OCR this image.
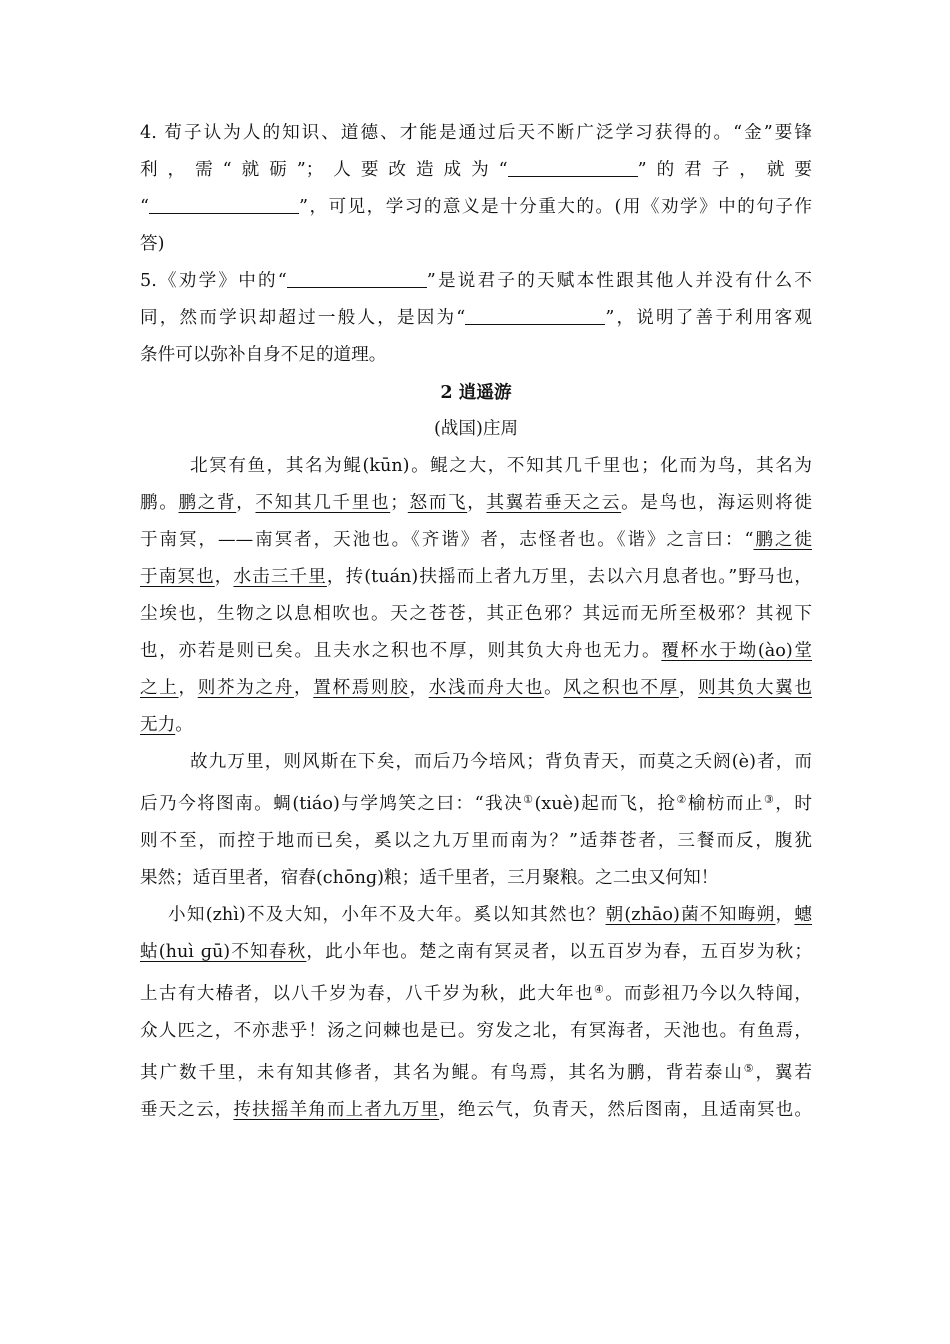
4. 荀子认为人的知识、道德、才能是通过后天不断广泛学习获得的。“金”要锋
利，需“就砺”；人要改造成为“	”的君子，就要
“	”，可见，学习的意义是十分重大的。(用《劝学》中的句子作
答)
5.《劝学》中的“	”是说君子的天赋本性跟其他人并没有什么不
同，然而学识却超过一般人，是因为“	”，说明了善于利用客观
条件可以弥补自身不足的道理。

2 逍遥游

(战国)庄周

北冥有鱼，其名为鲲(kūn)。鲲之大，不知其几千里也；化而为鸟，其名为
鹏。鹏之背，不知其几千里也；怒而飞，其翼若垂天之云。是鸟也，海运则将徙
于南冥，——南冥者，天池也。《齐谐》者，志怪者也。《谐》之言曰：“鹏之徙
于南冥也，水击三千里，抟(tuán)扶摇而上者九万里，去以六月息者也。”野马也，
尘埃也，生物之以息相吹也。天之苍苍，其正色邪？其远而无所至极邪？其视下
也，亦若是则已矣。且夫水之积也不厚，则其负大舟也无力。覆杯水于坳(ào)堂
之上，则芥为之舟，置杯焉则胶，水浅而舟大也。风之积也不厚，则其负大翼也
无力。
故九万里，则风斯在下矣，而后乃今培风；背负青天，而莫之夭阏(è)者，而
后乃今将图南。蜩(tiáo)与学鸠笑之曰：“我决①(xuè)起而飞，抢②榆枋而止③，时
则不至，而控于地而已矣，奚以之九万里而南为？”适莽苍者，三餐而反，腹犹
果然；适百里者，宿舂(chōnɡ)粮；适千里者，三月聚粮。之二虫又何知！
小知(zhì)不及大知，小年不及大年。奚以知其然也？朝(zhāo)菌不知晦朔，蟪
蛄(huì ɡū)不知春秋，此小年也。楚之南有冥灵者，以五百岁为春，五百岁为秋；
上古有大椿者，以八千岁为春，八千岁为秋，此大年也④。而彭祖乃今以久特闻，
众人匹之，不亦悲乎！汤之问棘也是已。穷发之北，有冥海者，天池也。有鱼焉，
其广数千里，未有知其修者，其名为鲲。有鸟焉，其名为鹏，背若泰山⑤，翼若
垂天之云，抟扶摇羊角而上者九万里，绝云气，负青天，然后图南，且适南冥也。
